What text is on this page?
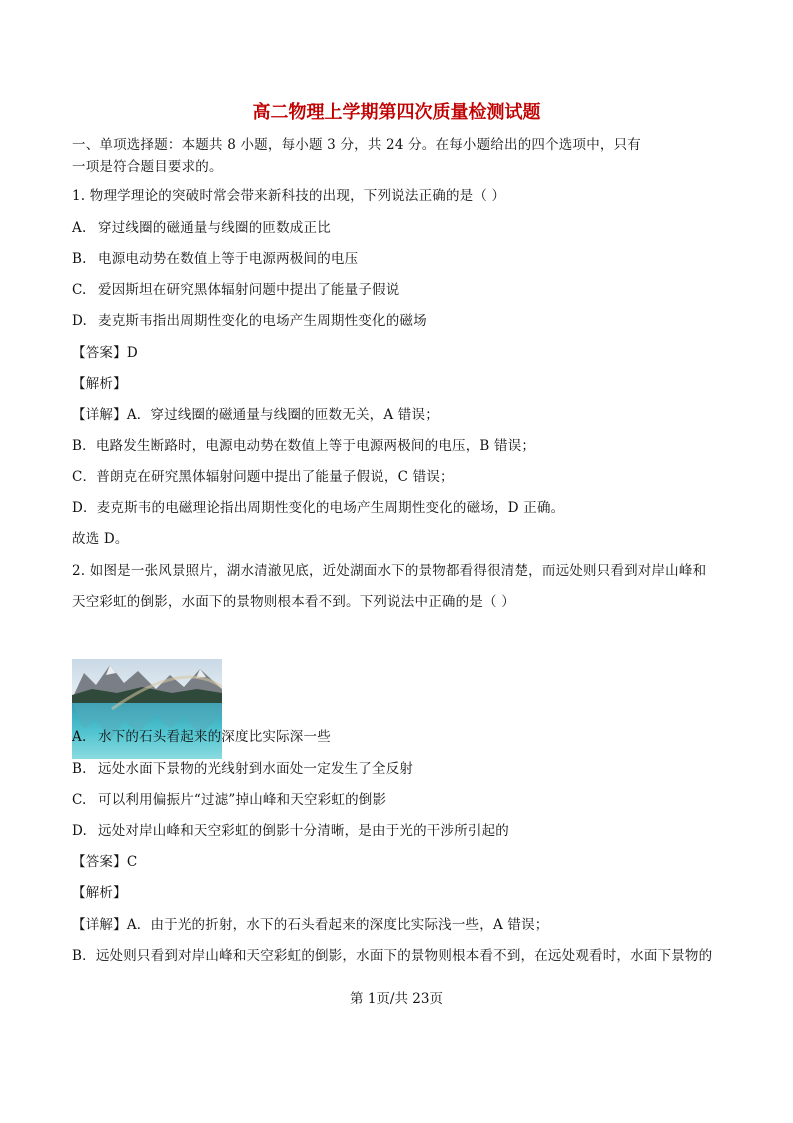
高二物理上学期第四次质量检测试题
一、单项选择题：本题共 8 小题，每小题 3 分，共 24 分。在每小题给出的四个选项中，只有
一项是符合题目要求的。
1. 物理学理论的突破时常会带来新科技的出现，下列说法正确的是（ ）
A. 穿过线圈的磁通量与线圈的匝数成正比
B. 电源电动势在数值上等于电源两极间的电压
C. 爱因斯坦在研究黑体辐射问题中提出了能量子假说
D. 麦克斯韦指出周期性变化的电场产生周期性变化的磁场
【答案】D
【解析】
【详解】A．穿过线圈的磁通量与线圈的匝数无关，A 错误；
B．电路发生断路时，电源电动势在数值上等于电源两极间的电压，B 错误；
C．普朗克在研究黑体辐射问题中提出了能量子假说，C 错误；
D．麦克斯韦的电磁理论指出周期性变化的电场产生周期性变化的磁场，D 正确。
故选 D。
2. 如图是一张风景照片，湖水清澈见底，近处湖面水下的景物都看得很清楚，而远处则只看到对岸山峰和
天空彩虹的倒影，水面下的景物则根本看不到。下列说法中正确的是（ ）
A. 水下的石头看起来的深度比实际深一些
B. 远处水面下景物的光线射到水面处一定发生了全反射
C. 可以利用偏振片“过滤”掉山峰和天空彩虹的倒影
D. 远处对岸山峰和天空彩虹的倒影十分清晰，是由于光的干涉所引起的
【答案】C
【解析】
【详解】A．由于光的折射，水下的石头看起来的深度比实际浅一些，A 错误；
B．远处则只看到对岸山峰和天空彩虹的倒影，水面下的景物则根本看不到，在远处观看时，水面下景物的
第 1页/共 23页
